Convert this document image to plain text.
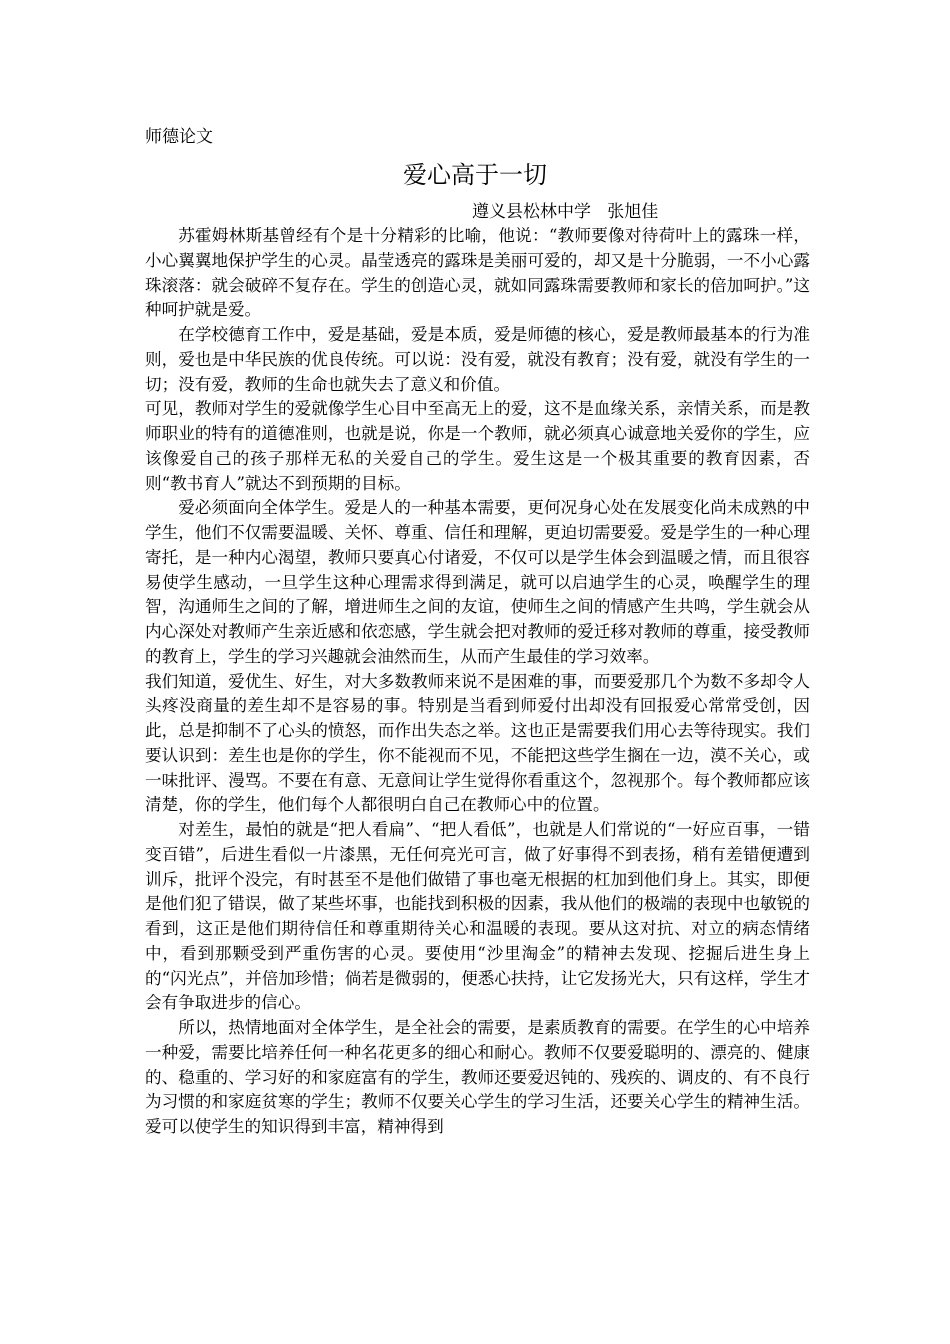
师德论文
爱心高于一切
遵义县松林中学   张旭佳

苏霍姆林斯基曾经有个是十分精彩的比喻，他说：“教师要像对待荷叶上的露珠一样，小心翼翼地保护学生的心灵。晶莹透亮的露珠是美丽可爱的，却又是十分脆弱，一不小心露珠滚落：就会破碎不复存在。学生的创造心灵，就如同露珠需要教师和家长的倍加呵护。”这种呵护就是爱。

在学校德育工作中，爱是基础，爱是本质，爱是师德的核心，爱是教师最基本的行为准则，爱也是中华民族的优良传统。可以说：没有爱，就没有教育；没有爱，就没有学生的一切；没有爱，教师的生命也就失去了意义和价值。

可见，教师对学生的爱就像学生心目中至高无上的爱，这不是血缘关系，亲情关系，而是教师职业的特有的道德准则，也就是说，你是一个教师，就必须真心诚意地关爱你的学生，应该像爱自己的孩子那样无私的关爱自己的学生。爱生这是一个极其重要的教育因素，否则“教书育人”就达不到预期的目标。

爱必须面向全体学生。爱是人的一种基本需要，更何况身心处在发展变化尚未成熟的中学生，他们不仅需要温暖、关怀、尊重、信任和理解，更迫切需要爱。爱是学生的一种心理寄托，是一种内心渴望，教师只要真心付诸爱，不仅可以是学生体会到温暖之情，而且很容易使学生感动，一旦学生这种心理需求得到满足，就可以启迪学生的心灵，唤醒学生的理智，沟通师生之间的了解，增进师生之间的友谊，使师生之间的情感产生共鸣，学生就会从内心深处对教师产生亲近感和依恋感，学生就会把对教师的爱迁移对教师的尊重，接受教师的教育上，学生的学习兴趣就会油然而生，从而产生最佳的学习效率。

我们知道，爱优生、好生，对大多数教师来说不是困难的事，而要爱那几个为数不多却令人头疼没商量的差生却不是容易的事。特别是当看到师爱付出却没有回报爱心常常受创，因此，总是抑制不了心头的愤怒，而作出失态之举。这也正是需要我们用心去等待现实。我们要认识到：差生也是你的学生，你不能视而不见，不能把这些学生搁在一边，漠不关心，或一味批评、漫骂。不要在有意、无意间让学生觉得你看重这个，忽视那个。每个教师都应该清楚，你的学生，他们每个人都很明白自己在教师心中的位置。

对差生，最怕的就是“把人看扁”、“把人看低”，也就是人们常说的“一好应百事，一错变百错”，后进生看似一片漆黑，无任何亮光可言，做了好事得不到表扬，稍有差错便遭到训斥，批评个没完，有时甚至不是他们做错了事也毫无根据的杠加到他们身上。其实，即便是他们犯了错误，做了某些坏事，也能找到积极的因素，我从他们的极端的表现中也敏锐的看到，这正是他们期待信任和尊重期待关心和温暖的表现。要从这对抗、对立的病态情绪中，看到那颗受到严重伤害的心灵。要使用“沙里淘金”的精神去发现、挖掘后进生身上的“闪光点”，并倍加珍惜；倘若是微弱的，便悉心扶持，让它发扬光大，只有这样，学生才会有争取进步的信心。

所以，热情地面对全体学生，是全社会的需要，是素质教育的需要。在学生的心中培养一种爱，需要比培养任何一种名花更多的细心和耐心。教师不仅要爱聪明的、漂亮的、健康的、稳重的、学习好的和家庭富有的学生，教师还要爱迟钝的、残疾的、调皮的、有不良行为习惯的和家庭贫寒的学生；教师不仅要关心学生的学习生活，还要关心学生的精神生活。爱可以使学生的知识得到丰富，精神得到
